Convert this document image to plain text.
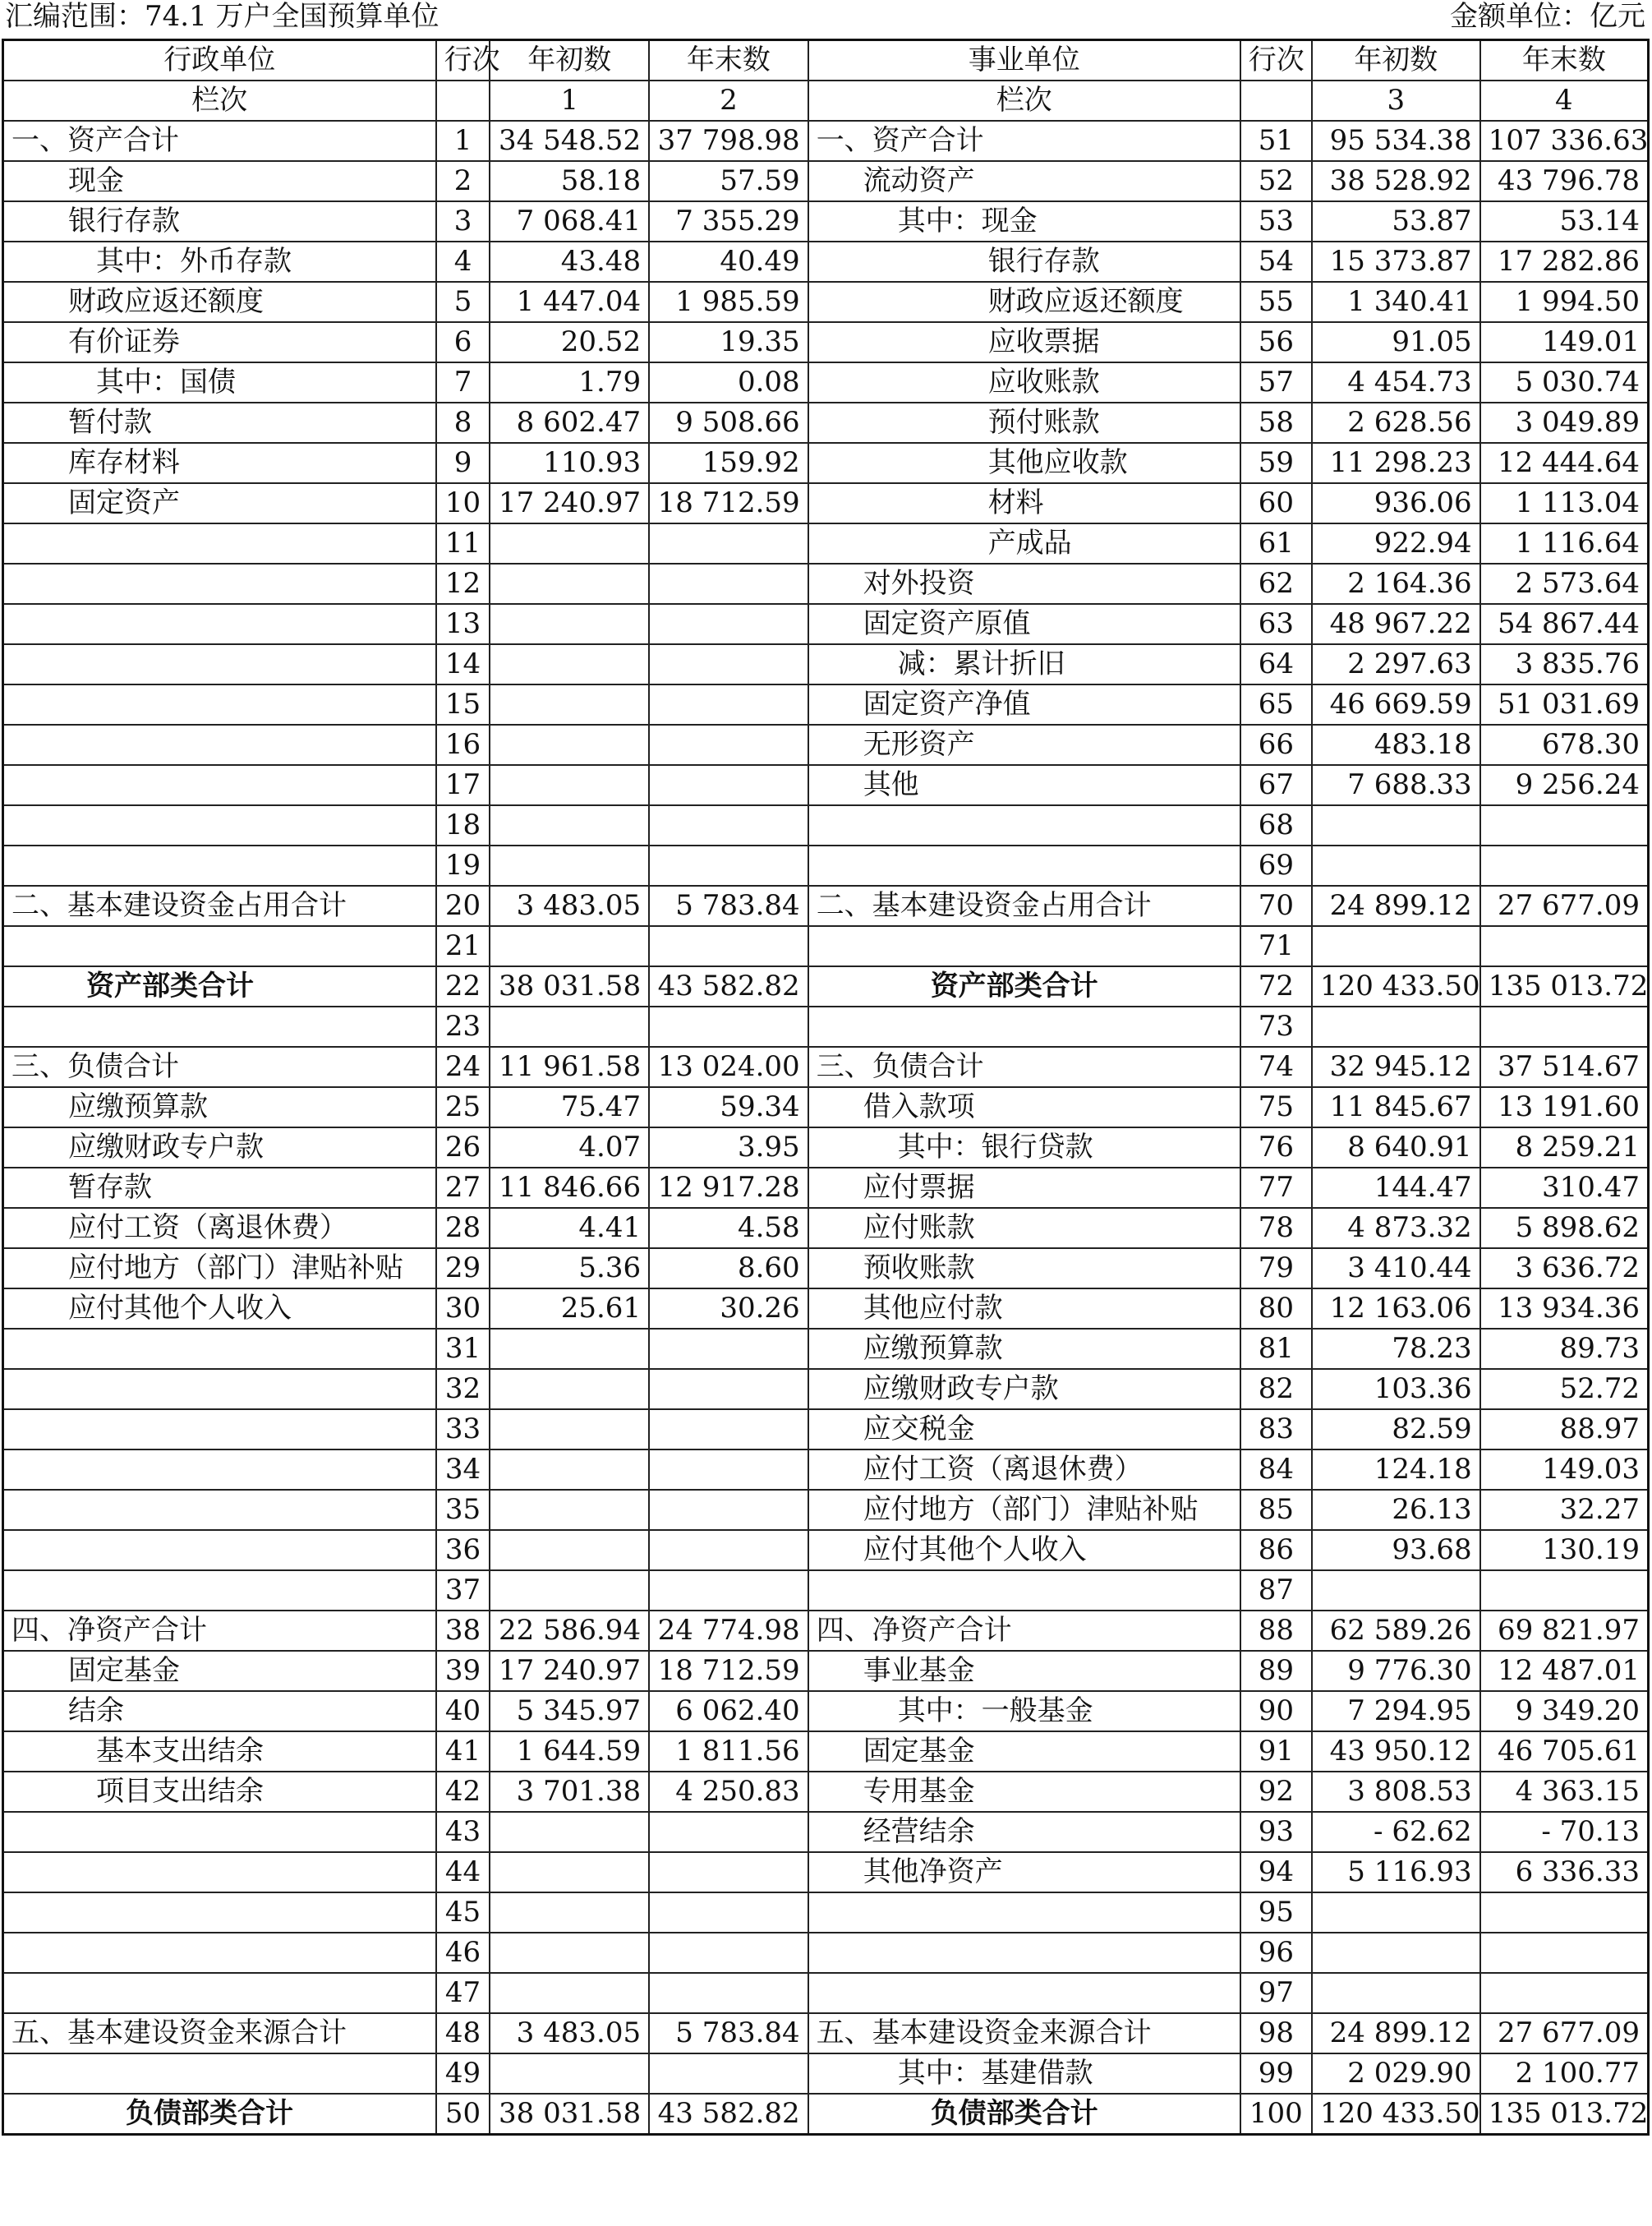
汇编范围：74.1 万户全国预算单位	金额单位：亿元
行政单位	行次	年初数	年末数	事业单位	行次	年初数	年末数
栏次		1	2	栏次		3	4
一、资产合计	1	34 548.52	37 798.98	一、资产合计	51	95 534.38	107 336.63
现金	2	58.18	57.59	流动资产	52	38 528.92	43 796.78
银行存款	3	7 068.41	7 355.29	其中：现金	53	53.87	53.14
其中：外币存款	4	43.48	40.49	银行存款	54	15 373.87	17 282.86
财政应返还额度	5	1 447.04	1 985.59	财政应返还额度	55	1 340.41	1 994.50
有价证券	6	20.52	19.35	应收票据	56	91.05	149.01
其中：国债	7	1.79	0.08	应收账款	57	4 454.73	5 030.74
暂付款	8	8 602.47	9 508.66	预付账款	58	2 628.56	3 049.89
库存材料	9	110.93	159.92	其他应收款	59	11 298.23	12 444.64
固定资产	10	17 240.97	18 712.59	材料	60	936.06	1 113.04
	11			产成品	61	922.94	1 116.64
	12			对外投资	62	2 164.36	2 573.64
	13			固定资产原值	63	48 967.22	54 867.44
	14			减：累计折旧	64	2 297.63	3 835.76
	15			固定资产净值	65	46 669.59	51 031.69
	16			无形资产	66	483.18	678.30
	17			其他	67	7 688.33	9 256.24
	18				68		
	19				69		
二、基本建设资金占用合计	20	3 483.05	5 783.84	二、基本建设资金占用合计	70	24 899.12	27 677.09
	21				71		
资产部类合计	22	38 031.58	43 582.82	资产部类合计	72	120 433.50	135 013.72
	23				73		
三、负债合计	24	11 961.58	13 024.00	三、负债合计	74	32 945.12	37 514.67
应缴预算款	25	75.47	59.34	借入款项	75	11 845.67	13 191.60
应缴财政专户款	26	4.07	3.95	其中：银行贷款	76	8 640.91	8 259.21
暂存款	27	11 846.66	12 917.28	应付票据	77	144.47	310.47
应付工资（离退休费）	28	4.41	4.58	应付账款	78	4 873.32	5 898.62
应付地方（部门）津贴补贴	29	5.36	8.60	预收账款	79	3 410.44	3 636.72
应付其他个人收入	30	25.61	30.26	其他应付款	80	12 163.06	13 934.36
	31			应缴预算款	81	78.23	89.73
	32			应缴财政专户款	82	103.36	52.72
	33			应交税金	83	82.59	88.97
	34			应付工资（离退休费）	84	124.18	149.03
	35			应付地方（部门）津贴补贴	85	26.13	32.27
	36			应付其他个人收入	86	93.68	130.19
	37				87		
四、净资产合计	38	22 586.94	24 774.98	四、净资产合计	88	62 589.26	69 821.97
固定基金	39	17 240.97	18 712.59	事业基金	89	9 776.30	12 487.01
结余	40	5 345.97	6 062.40	其中：一般基金	90	7 294.95	9 349.20
基本支出结余	41	1 644.59	1 811.56	固定基金	91	43 950.12	46 705.61
项目支出结余	42	3 701.38	4 250.83	专用基金	92	3 808.53	4 363.15
	43			经营结余	93	- 62.62	- 70.13
	44			其他净资产	94	5 116.93	6 336.33
	45				95		
	46				96		
	47				97		
五、基本建设资金来源合计	48	3 483.05	5 783.84	五、基本建设资金来源合计	98	24 899.12	27 677.09
	49			其中：基建借款	99	2 029.90	2 100.77
负债部类合计	50	38 031.58	43 582.82	负债部类合计	100	120 433.50	135 013.72
